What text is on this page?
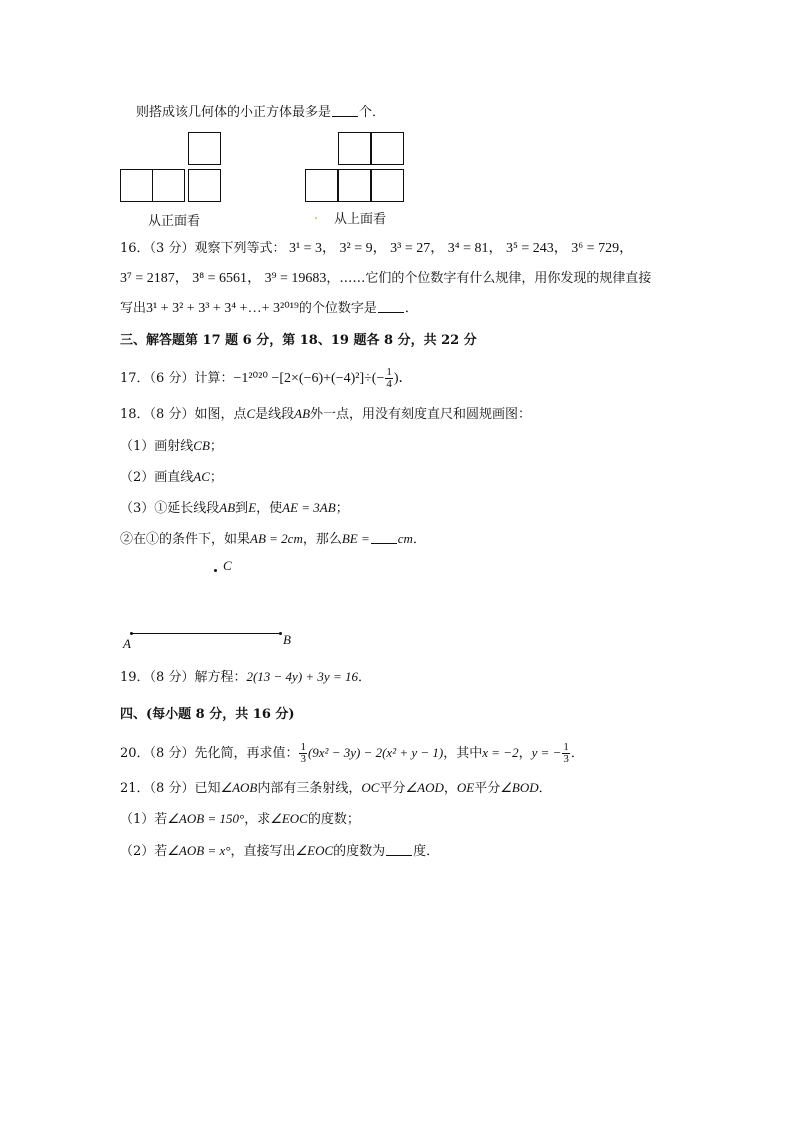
则搭成该几何体的小正方体最多是 个．
从正面看	. 从上面看
16．（3 分）观察下列等式： 3¹ = 3， 3² = 9， 3³ = 27， 3⁴ = 81， 3⁵ = 243， 3⁶ = 729，
3⁷ = 2187， 3⁸ = 6561， 3⁹ = 19683，……它们的个位数字有什么规律，用你发现的规律直接
写出3¹ + 3² + 3³ + 3⁴ +…+ 3²⁰¹⁹的个位数字是 ．
三、解答题第 17 题 6 分，第 18、19 题各 8 分，共 22 分
17．（6 分）计算：$-1^{2020} -[2\times(-6)+(-4)^2]\div(- \frac{1}{4}$ )．
18．（8 分）如图，点C是线段AB外一点，用没有刻度直尺和圆规画图：
（1）画射线CB；
（2）画直线AC；
（3）①延长线段AB到E，使AE = 3AB；
②在①的条件下，如果AB = 2cm，那么BE = cm．
C
A	B
19．（8 分）解方程：2(13 − 4y) + 3y = 16．
四、(每小题 8 分，共 16 分)
20．（8 分）先化简，再求值： $\frac{1}{3} (9x^2 - 3y) - 2(x^2 + y - 1)$，其中x = −2，y = − $\frac{1}{3}$ ．
21．（8 分）已知∠AOB内部有三条射线，OC平分∠AOD，OE平分∠BOD．
（1）若∠AOB = 150°，求∠EOC的度数；
（2）若∠AOB = x°，直接写出∠EOC的度数为 度．
